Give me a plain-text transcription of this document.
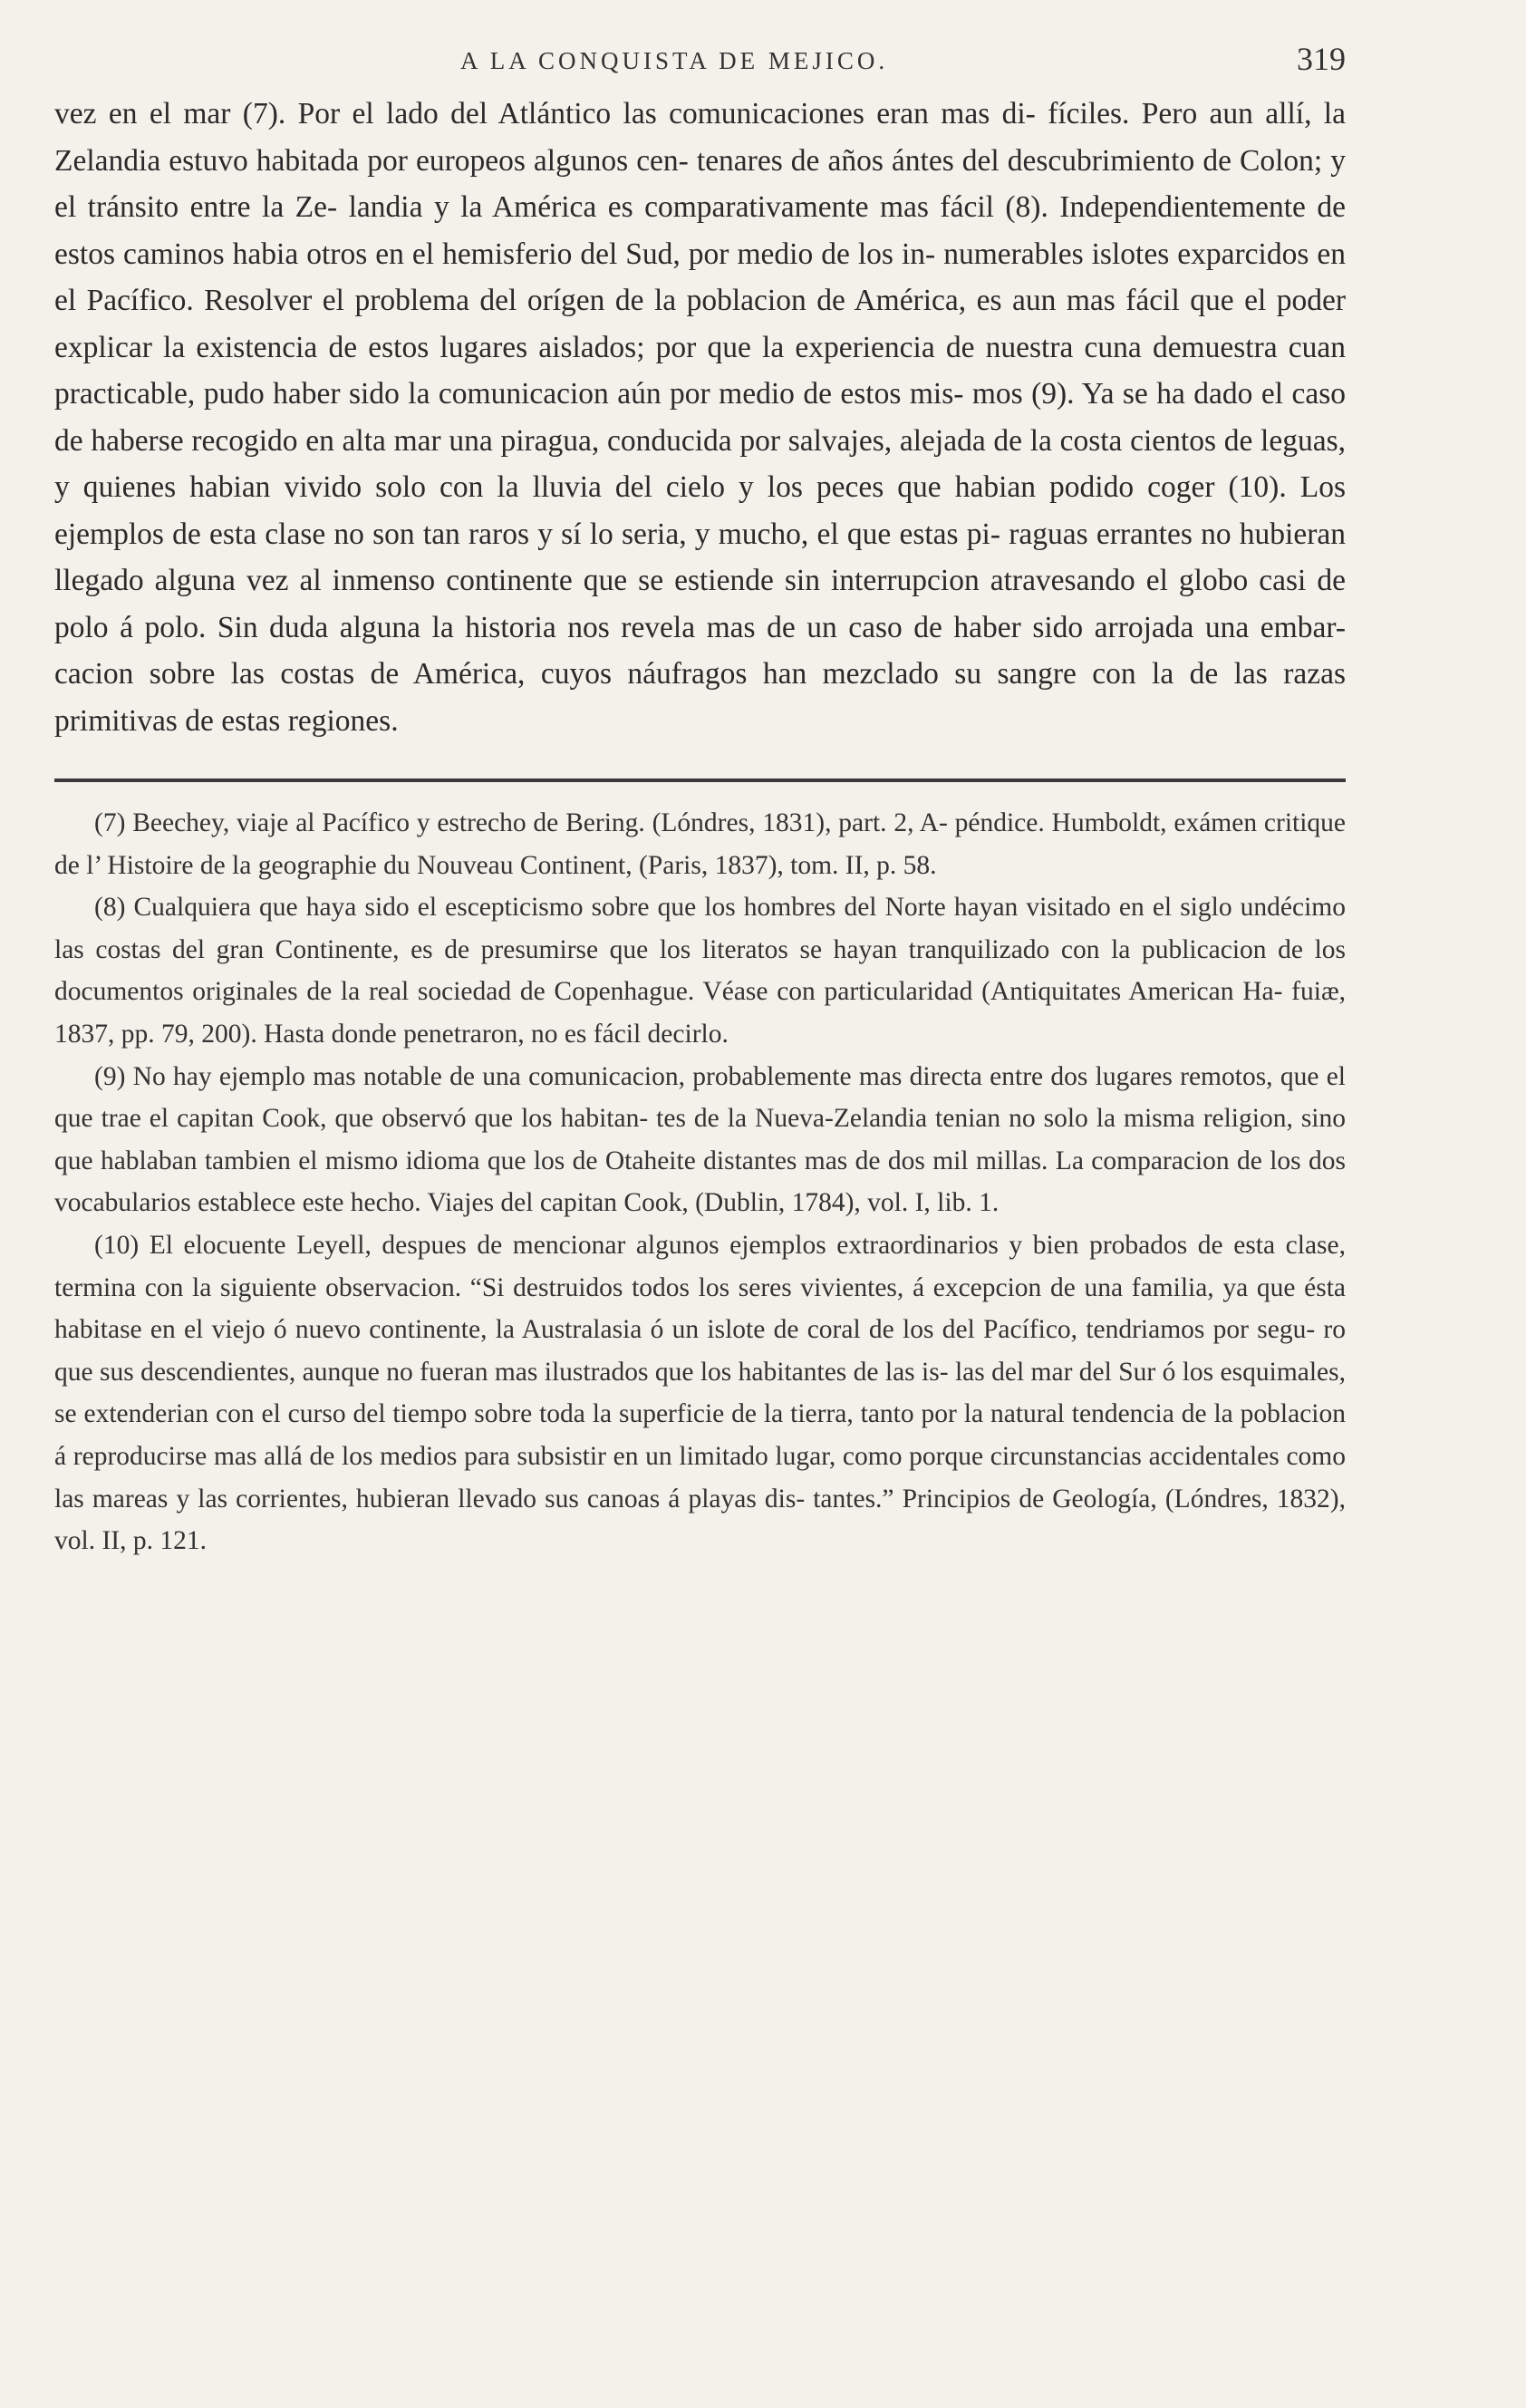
A LA CONQUISTA DE MEJICO.	319

vez en el mar (7). Por el lado del Atlántico las comunicaciones eran mas di- fíciles. Pero aun allí, la Zelandia estuvo habitada por europeos algunos cen- tenares de años ántes del descubrimiento de Colon; y el tránsito entre la Ze- landia y la América es comparativamente mas fácil (8). Independientemente de estos caminos habia otros en el hemisferio del Sud, por medio de los in- numerables islotes exparcidos en el Pacífico. Resolver el problema del orígen de la poblacion de América, es aun mas fácil que el poder explicar la existencia de estos lugares aislados; por que la experiencia de nuestra cuna demuestra cuan practicable, pudo haber sido la comunicacion aún por medio de estos mis- mos (9). Ya se ha dado el caso de haberse recogido en alta mar una piragua, conducida por salvajes, alejada de la costa cientos de leguas, y quienes habian vivido solo con la lluvia del cielo y los peces que habian podido coger (10). Los ejemplos de esta clase no son tan raros y sí lo seria, y mucho, el que estas pi- raguas errantes no hubieran llegado alguna vez al inmenso continente que se estiende sin interrupcion atravesando el globo casi de polo á polo. Sin duda alguna la historia nos revela mas de un caso de haber sido arrojada una embar- cacion sobre las costas de América, cuyos náufragos han mezclado su sangre con la de las razas primitivas de estas regiones.

(7) Beechey, viaje al Pacífico y estrecho de Bering. (Lóndres, 1831), part. 2, A- péndice. Humboldt, exámen critique de l’ Histoire de la geographie du Nouveau Continent, (Paris, 1837), tom. II, p. 58.

(8) Cualquiera que haya sido el escepticismo sobre que los hombres del Norte hayan visitado en el siglo undécimo las costas del gran Continente, es de presumirse que los literatos se hayan tranquilizado con la publicacion de los documentos originales de la real sociedad de Copenhague. Véase con particularidad (Antiquitates American Ha- fuiæ, 1837, pp. 79, 200). Hasta donde penetraron, no es fácil decirlo.

(9) No hay ejemplo mas notable de una comunicacion, probablemente mas directa entre dos lugares remotos, que el que trae el capitan Cook, que observó que los habitan- tes de la Nueva-Zelandia tenian no solo la misma religion, sino que hablaban tambien el mismo idioma que los de Otaheite distantes mas de dos mil millas. La comparacion de los dos vocabularios establece este hecho. Viajes del capitan Cook, (Dublin, 1784), vol. I, lib. 1.

(10) El elocuente Leyell, despues de mencionar algunos ejemplos extraordinarios y bien probados de esta clase, termina con la siguiente observacion. “Si destruidos todos los seres vivientes, á excepcion de una familia, ya que ésta habitase en el viejo ó nuevo continente, la Australasia ó un islote de coral de los del Pacífico, tendriamos por segu- ro que sus descendientes, aunque no fueran mas ilustrados que los habitantes de las is- las del mar del Sur ó los esquimales, se extenderian con el curso del tiempo sobre toda la superficie de la tierra, tanto por la natural tendencia de la poblacion á reproducirse mas allá de los medios para subsistir en un limitado lugar, como porque circunstancias accidentales como las mareas y las corrientes, hubieran llevado sus canoas á playas dis- tantes.” Principios de Geología, (Lóndres, 1832), vol. II, p. 121.
